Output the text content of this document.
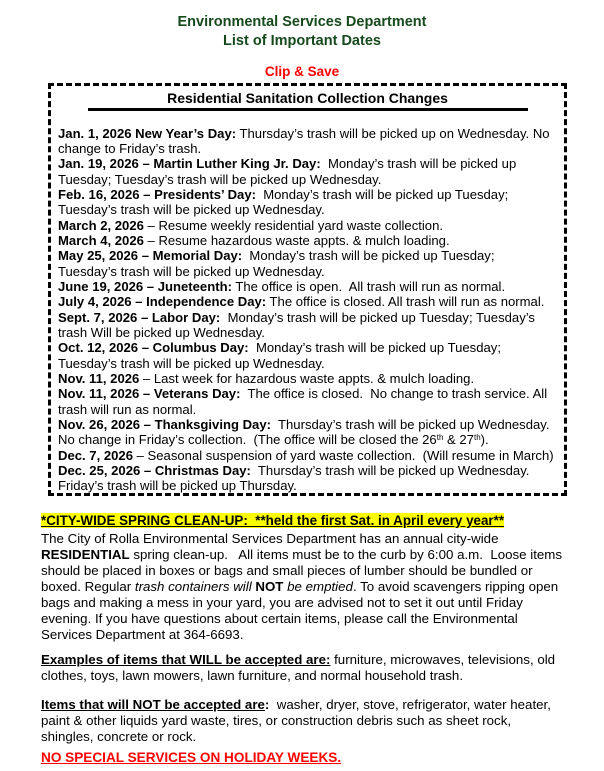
Environmental Services Department
List of Important Dates
Clip & Save
Residential Sanitation Collection Changes
Jan. 1, 2026 New Year’s Day: Thursday’s trash will be picked up on Wednesday. No change to Friday’s trash.
Jan. 19, 2026 – Martin Luther King Jr. Day:  Monday’s trash will be picked up Tuesday; Tuesday’s trash will be picked up Wednesday.
Feb. 16, 2026 – Presidents’ Day:  Monday’s trash will be picked up Tuesday; Tuesday’s trash will be picked up Wednesday.
March 2, 2026 – Resume weekly residential yard waste collection.
March 4, 2026 – Resume hazardous waste appts. & mulch loading.
May 25, 2026 – Memorial Day:  Monday’s trash will be picked up Tuesday; Tuesday’s trash will be picked up Wednesday.
June 19, 2026 – Juneteenth: The office is open.  All trash will run as normal.
July 4, 2026 – Independence Day: The office is closed. All trash will run as normal.
Sept. 7, 2026 – Labor Day:  Monday’s trash will be picked up Tuesday; Tuesday’s trash Will be picked up Wednesday.
Oct. 12, 2026 – Columbus Day:  Monday’s trash will be picked up Tuesday; Tuesday’s trash will be picked up Wednesday.
Nov. 11, 2026 – Last week for hazardous waste appts. & mulch loading.
Nov. 11, 2026 – Veterans Day:  The office is closed.  No change to trash service. All trash will run as normal.
Nov. 26, 2026 – Thanksgiving Day:  Thursday’s trash will be picked up Wednesday. No change in Friday’s collection.  (The office will be closed the 26th & 27th).
Dec. 7, 2026 – Seasonal suspension of yard waste collection.  (Will resume in March)
Dec. 25, 2026 – Christmas Day:  Thursday’s trash will be picked up Wednesday. Friday’s trash will be picked up Thursday.
*CITY-WIDE SPRING CLEAN-UP:  **held the first Sat. in April every year**

The City of Rolla Environmental Services Department has an annual city-wide RESIDENTIAL spring clean-up.   All items must be to the curb by 6:00 a.m.  Loose items should be placed in boxes or bags and small pieces of lumber should be bundled or boxed. Regular trash containers will NOT be emptied. To avoid scavengers ripping open bags and making a mess in your yard, you are advised not to set it out until Friday evening. If you have questions about certain items, please call the Environmental Services Department at 364-6693.

Examples of items that WILL be accepted are: furniture, microwaves, televisions, old clothes, toys, lawn mowers, lawn furniture, and normal household trash.

Items that will NOT be accepted are:  washer, dryer, stove, refrigerator, water heater, paint & other liquids yard waste, tires, or construction debris such as sheet rock, shingles, concrete or rock.

NO SPECIAL SERVICES ON HOLIDAY WEEKS.
